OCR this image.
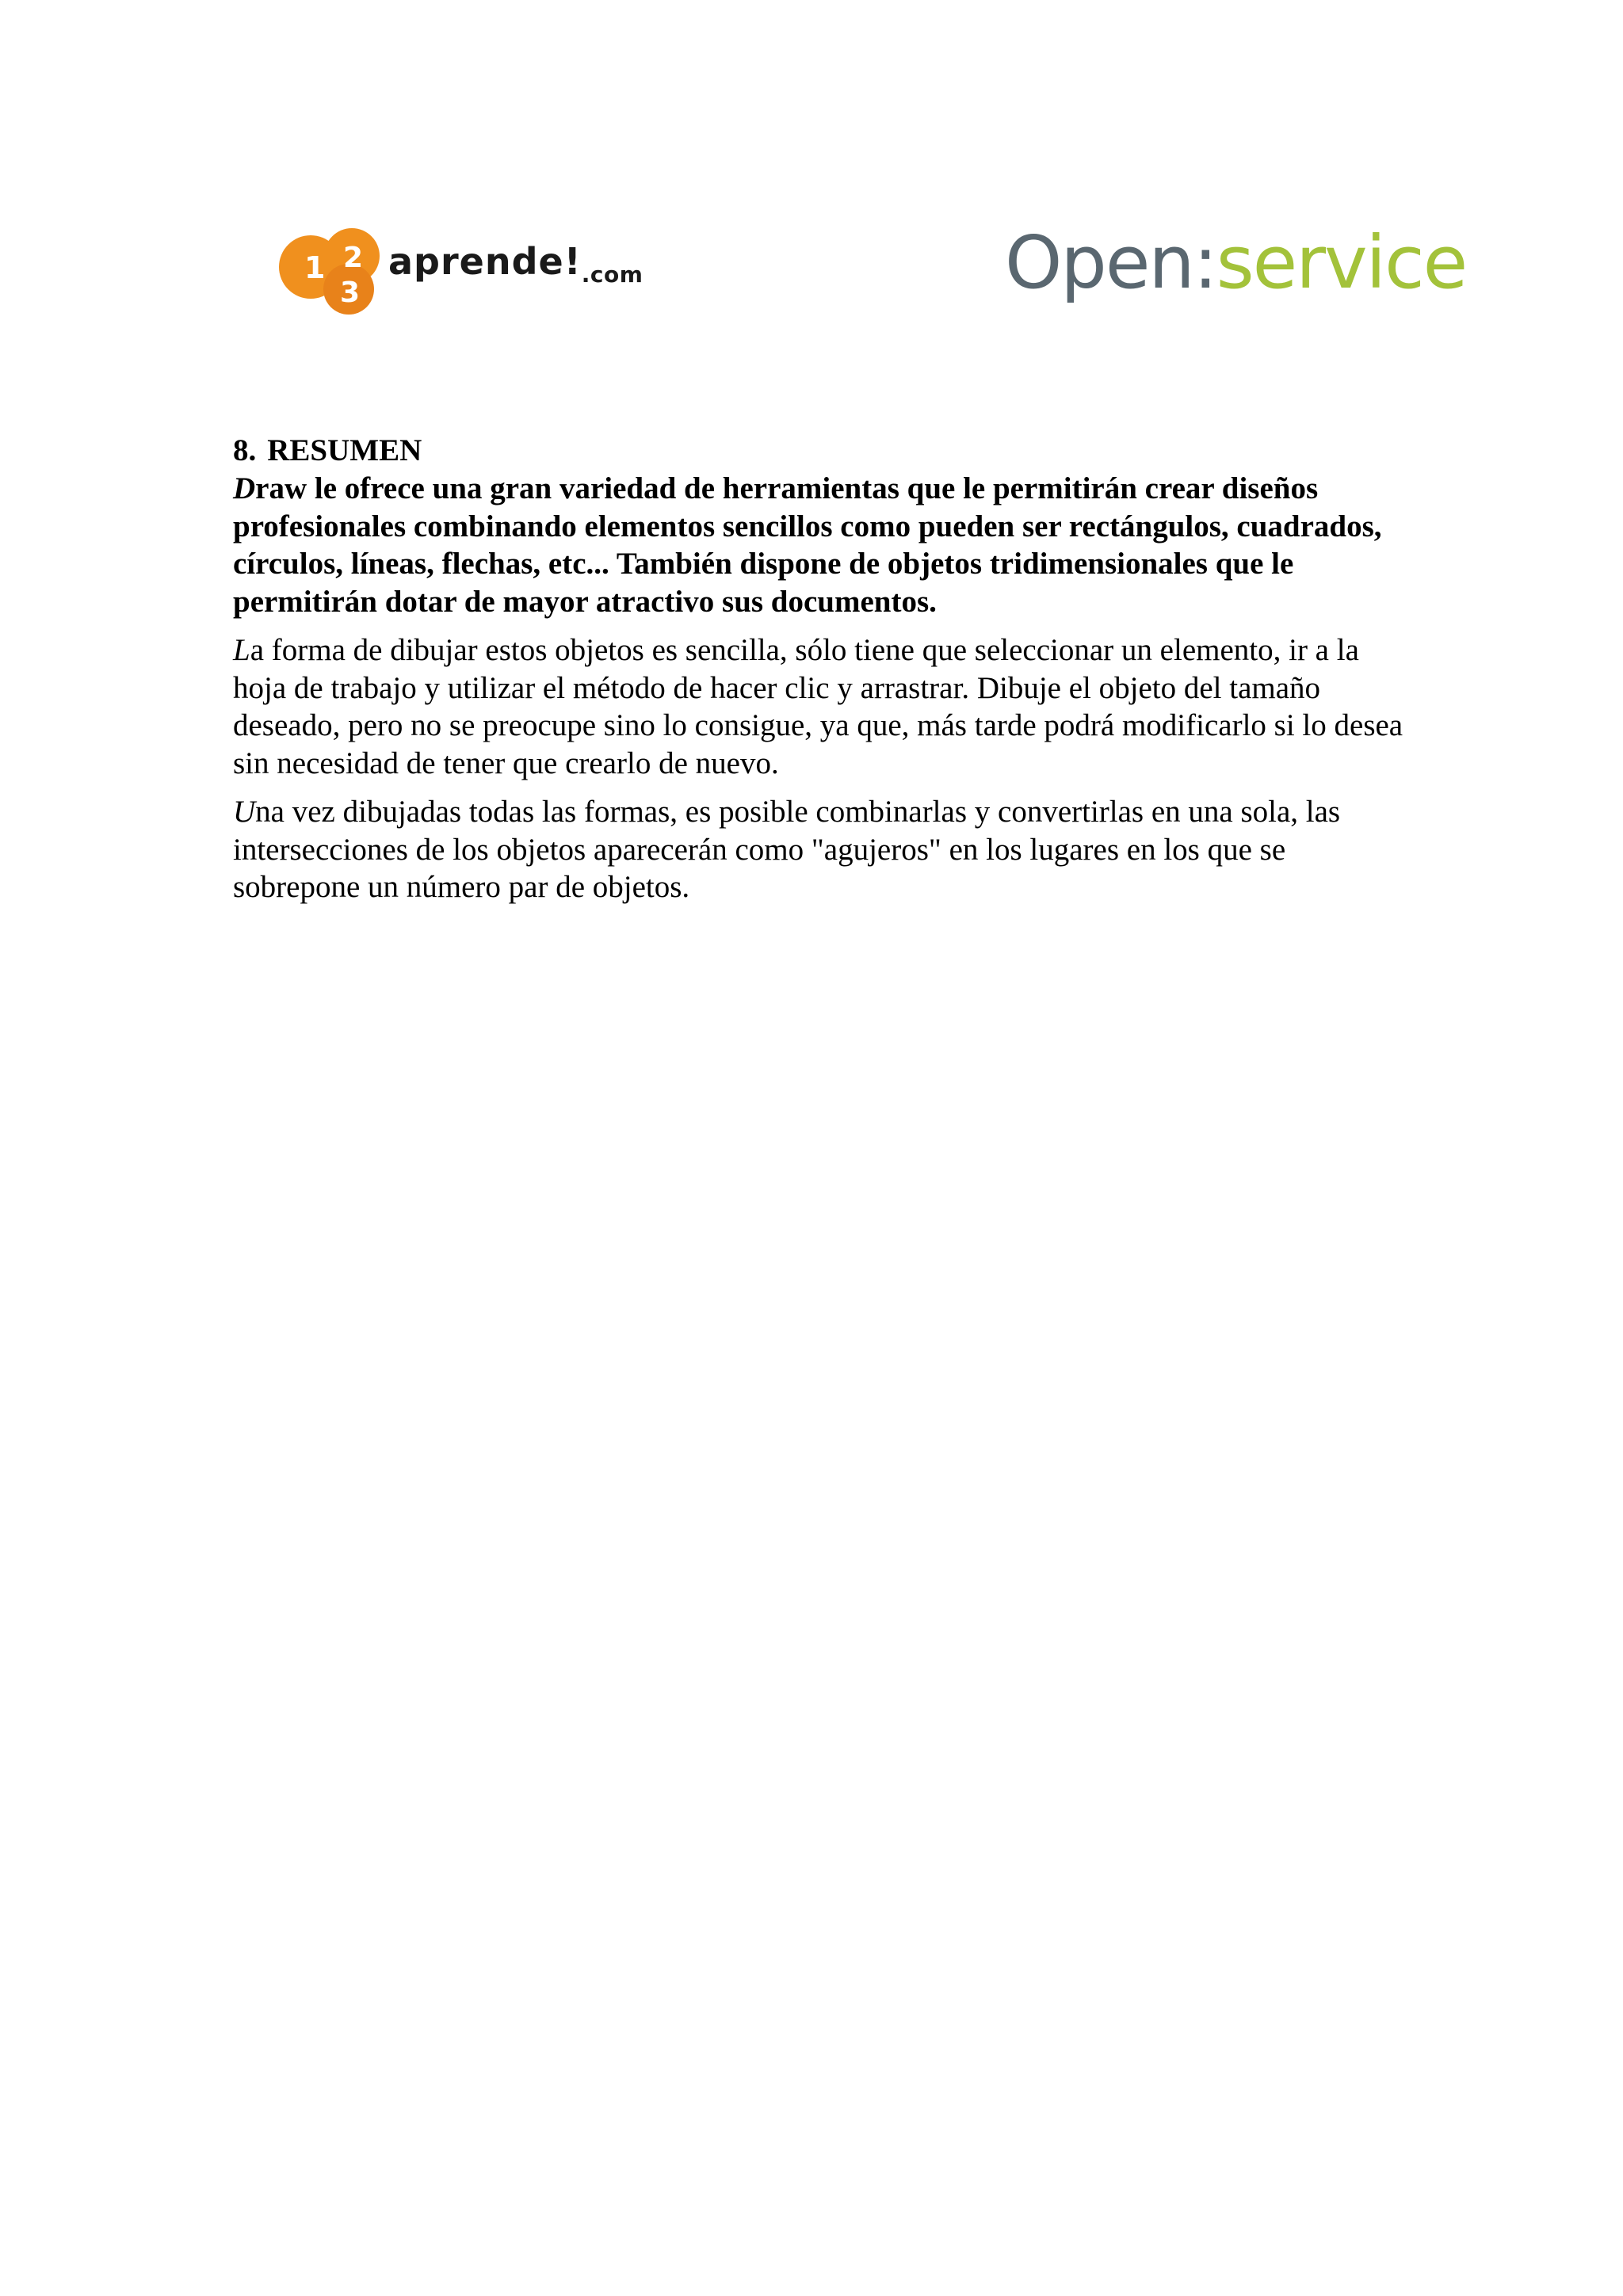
1 2
3
$aprende!_{.com}$	Open:service
8. RESUMEN

Draw le ofrece una gran variedad de herramientas que le permitirán crear diseños profesionales combinando elementos sencillos como pueden ser rectángulos, cuadrados, círculos, líneas, flechas, etc... También dispone de objetos tridimensionales que le permitirán dotar de mayor atractivo sus documentos.

La forma de dibujar estos objetos es sencilla, sólo tiene que seleccionar un elemento, ir a la hoja de trabajo y utilizar el método de hacer clic y arrastrar. Dibuje el objeto del tamaño deseado, pero no se preocupe sino lo consigue, ya que, más tarde podrá modificarlo si lo desea sin necesidad de tener que crearlo de nuevo.

Una vez dibujadas todas las formas, es posible combinarlas y convertirlas en una sola, las intersecciones de los objetos aparecerán como "agujeros" en los lugares en los que se sobrepone un número par de objetos.
